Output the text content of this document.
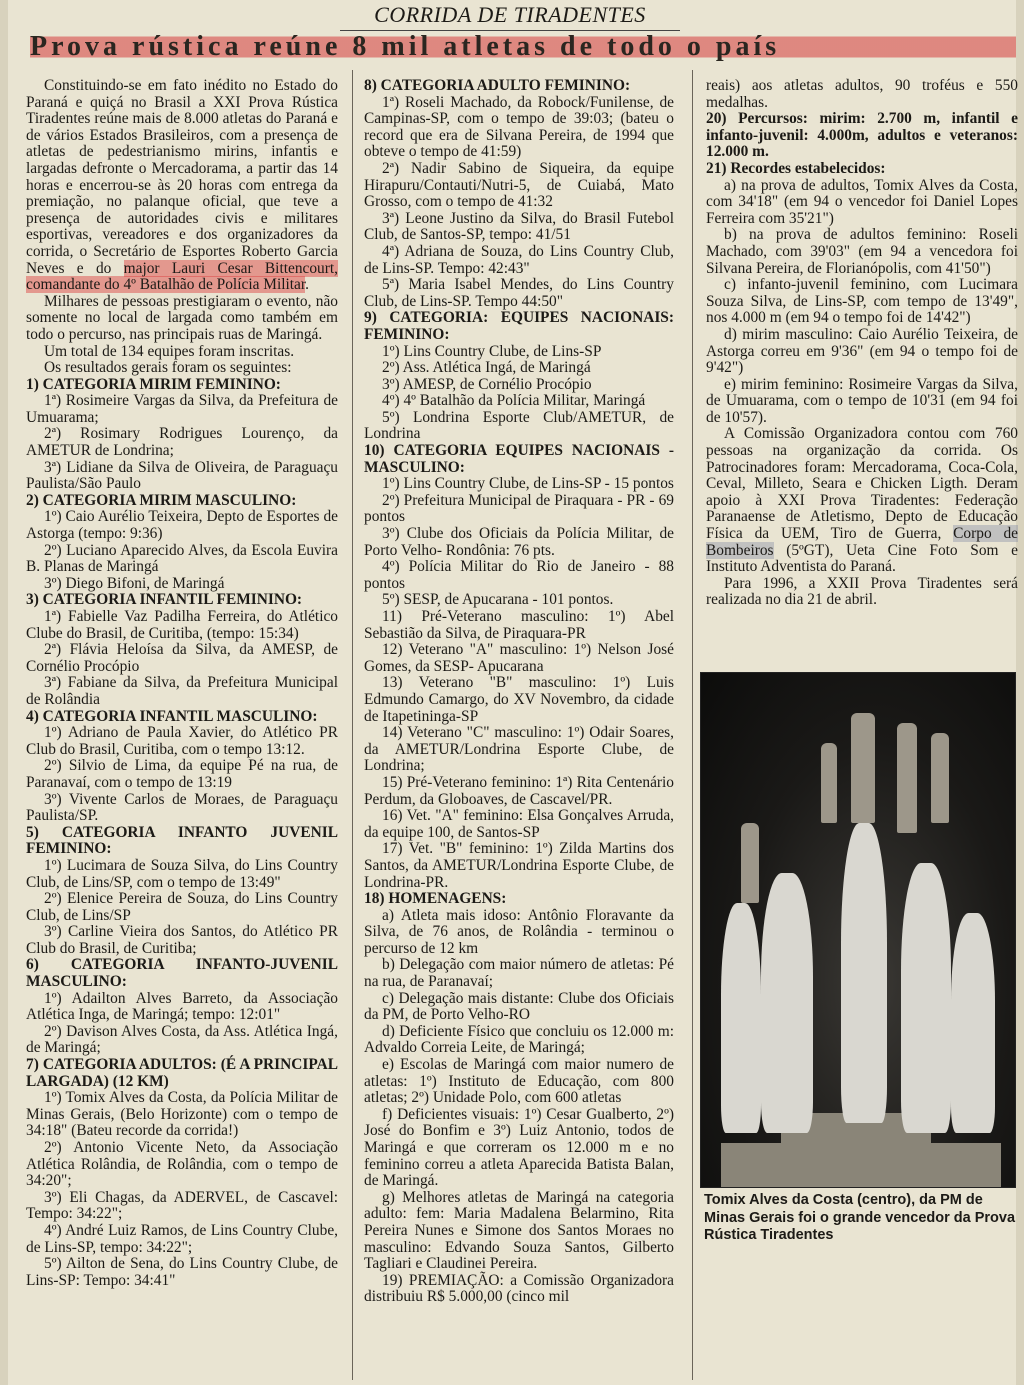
CORRIDA DE TIRADENTES
Prova rústica reúne 8 mil atletas de todo o país

Constituindo-se em fato inédito no Estado do Paraná e quiçá no Brasil a XXI Prova Rústica Tiradentes reúne mais de 8.000 atletas do Paraná e de vários Estados Brasileiros, com a presença de atletas de pedestrianismo mirins, infantis e largadas defronte o Mercadorama, a partir das 14 horas e encerrou-se às 20 horas com entrega da premiação, no palanque oficial, que teve a presença de autoridades civis e militares esportivas, vereadores e dos organizadores da corrida, o Secretário de Esportes Roberto Garcia Neves e do major Lauri Cesar Bittencourt, comandante do 4º Batalhão de Polícia Militar.

Milhares de pessoas prestigiaram o evento, não somente no local de largada como também em todo o percurso, nas principais ruas de Maringá.

Um total de 134 equipes foram inscritas.

Os resultados gerais foram os seguintes:

1) CATEGORIA MIRIM FEMININO:

1ª) Rosimeire Vargas da Silva, da Prefeitura de Umuarama;

2ª) Rosimary Rodrigues Lourenço, da AMETUR de Londrina;

3ª) Lidiane da Silva de Oliveira, de Paraguaçu Paulista/São Paulo

2) CATEGORIA MIRIM MASCULINO:

1º) Caio Aurélio Teixeira, Depto de Esportes de Astorga (tempo: 9:36)

2º) Luciano Aparecido Alves, da Escola Euvira B. Planas de Maringá

3º) Diego Bifoni, de Maringá

3) CATEGORIA INFANTIL FEMININO:

1ª) Fabielle Vaz Padilha Ferreira, do Atlético Clube do Brasil, de Curitiba, (tempo: 15:34)

2ª) Flávia Heloísa da Silva, da AMESP, de Cornélio Procópio

3ª) Fabiane da Silva, da Prefeitura Municipal de Rolândia

4) CATEGORIA INFANTIL MASCULINO:

1º) Adriano de Paula Xavier, do Atlético PR Club do Brasil, Curitiba, com o tempo 13:12.

2º) Silvio de Lima, da equipe Pé na rua, de Paranavaí, com o tempo de 13:19

3º) Vivente Carlos de Moraes, de Paraguaçu Paulista/SP.

5) CATEGORIA INFANTO JUVENIL FEMININO:

1º) Lucimara de Souza Silva, do Lins Country Club, de Lins/SP, com o tempo de 13:49"

2º) Elenice Pereira de Souza, do Lins Country Club, de Lins/SP

3º) Carline Vieira dos Santos, do Atlético PR Club do Brasil, de Curitiba;

6) CATEGORIA INFANTO-JUVENIL MASCULINO:

1º) Adailton Alves Barreto, da Associação Atlética Inga, de Maringá; tempo: 12:01"

2º) Davison Alves Costa, da Ass. Atlética Ingá, de Maringá;

7) CATEGORIA ADULTOS: (É A PRINCIPAL LARGADA) (12 KM)

1º) Tomix Alves da Costa, da Polícia Militar de Minas Gerais, (Belo Horizonte) com o tempo de 34:18" (Bateu recorde da corrida!)

2º) Antonio Vicente Neto, da Associação Atlética Rolândia, de Rolândia, com o tempo de 34:20";

3º) Eli Chagas, da ADERVEL, de Cascavel: Tempo: 34:22";

4º) André Luiz Ramos, de Lins Country Clube, de Lins-SP, tempo: 34:22";

5º) Ailton de Sena, do Lins Country Clube, de Lins-SP: Tempo: 34:41"

8) CATEGORIA ADULTO FEMININO:

1ª) Roseli Machado, da Robock/Funilense, de Campinas-SP, com o tempo de 39:03; (bateu o record que era de Silvana Pereira, de 1994 que obteve o tempo de 41:59)

2ª) Nadir Sabino de Siqueira, da equipe Hirapuru/Contauti/Nutri-5, de Cuiabá, Mato Grosso, com o tempo de 41:32

3ª) Leone Justino da Silva, do Brasil Futebol Club, de Santos-SP, tempo: 41/51

4ª) Adriana de Souza, do Lins Country Club, de Lins-SP. Tempo: 42:43"

5ª) Maria Isabel Mendes, do Lins Country Club, de Lins-SP. Tempo 44:50"

9) CATEGORIA: EQUIPES NACIONAIS: FEMININO:

1º) Lins Country Clube, de Lins-SP

2º) Ass. Atlética Ingá, de Maringá

3º) AMESP, de Cornélio Procópio

4º) 4º Batalhão da Polícia Militar, Maringá

5º) Londrina Esporte Club/AMETUR, de Londrina

10) CATEGORIA EQUIPES NACIONAIS - MASCULINO:

1º) Lins Country Clube, de Lins-SP - 15 pontos

2º) Prefeitura Municipal de Piraquara - PR - 69 pontos

3º) Clube dos Oficiais da Polícia Militar, de Porto Velho- Rondônia: 76 pts.

4º) Polícia Militar do Rio de Janeiro - 88 pontos

5º) SESP, de Apucarana - 101 pontos.

11) Pré-Veterano masculino: 1º) Abel Sebastião da Silva, de Piraquara-PR

12) Veterano "A" masculino: 1º) Nelson José Gomes, da SESP- Apucarana

13) Veterano "B" masculino: 1º) Luis Edmundo Camargo, do XV Novembro, da cidade de Itapetininga-SP

14) Veterano "C" masculino: 1º) Odair Soares, da AMETUR/Londrina Esporte Clube, de Londrina;

15) Pré-Veterano feminino: 1ª) Rita Centenário Perdum, da Globoaves, de Cascavel/PR.

16) Vet. "A" feminino: Elsa Gonçalves Arruda, da equipe 100, de Santos-SP

17) Vet. "B" feminino: 1º) Zilda Martins dos Santos, da AMETUR/Londrina Esporte Clube, de Londrina-PR.

18) HOMENAGENS:

a) Atleta mais idoso: Antônio Floravante da Silva, de 76 anos, de Rolândia - terminou o percurso de 12 km

b) Delegação com maior número de atletas: Pé na rua, de Paranavaí;

c) Delegação mais distante: Clube dos Oficiais da PM, de Porto Velho-RO

d) Deficiente Físico que concluiu os 12.000 m: Advaldo Correia Leite, de Maringá;

e) Escolas de Maringá com maior numero de atletas: 1º) Instituto de Educação, com 800 atletas; 2º) Unidade Polo, com 600 atletas

f) Deficientes visuais: 1º) Cesar Gualberto, 2º) José do Bonfim e 3º) Luiz Antonio, todos de Maringá e que correram os 12.000 m e no feminino correu a atleta Aparecida Batista Balan, de Maringá.

g) Melhores atletas de Maringá na categoria adulto: fem: Maria Madalena Belarmino, Rita Pereira Nunes e Simone dos Santos Moraes no masculino: Edvando Souza Santos, Gilberto Tagliari e Claudinei Pereira.

19) PREMIAÇÃO: a Comissão Organizadora distribuiu R$ 5.000,00 (cinco mil

reais) aos atletas adultos, 90 troféus e 550 medalhas.

20) Percursos: mirim: 2.700 m, infantil e infanto-juvenil: 4.000m, adultos e veteranos: 12.000 m.

21) Recordes estabelecidos:

a) na prova de adultos, Tomix Alves da Costa, com 34'18" (em 94 o vencedor foi Daniel Lopes Ferreira com 35'21")

b) na prova de adultos feminino: Roseli Machado, com 39'03" (em 94 a vencedora foi Silvana Pereira, de Florianópolis, com 41'50")

c) infanto-juvenil feminino, com Lucimara Souza Silva, de Lins-SP, com tempo de 13'49", nos 4.000 m (em 94 o tempo foi de 14'42")

d) mirim masculino: Caio Aurélio Teixeira, de Astorga correu em 9'36" (em 94 o tempo foi de 9'42")

e) mirim feminino: Rosimeire Vargas da Silva, de Umuarama, com o tempo de 10'31 (em 94 foi de 10'57).

A Comissão Organizadora contou com 760 pessoas na organização da corrida. Os Patrocinadores foram: Mercadorama, Coca-Cola, Ceval, Milleto, Seara e Chicken Ligth. Deram apoio à XXI Prova Tiradentes: Federação Paranaense de Atletismo, Depto de Educação Física da UEM, Tiro de Guerra, Corpo de Bombeiros (5ºGT), Ueta Cine Foto Som e Instituto Adventista do Paraná.

Para 1996, a XXII Prova Tiradentes será realizada no dia 21 de abril.

Tomix Alves da Costa (centro), da PM de Minas Gerais foi o grande vencedor da Prova Rústica Tiradentes
